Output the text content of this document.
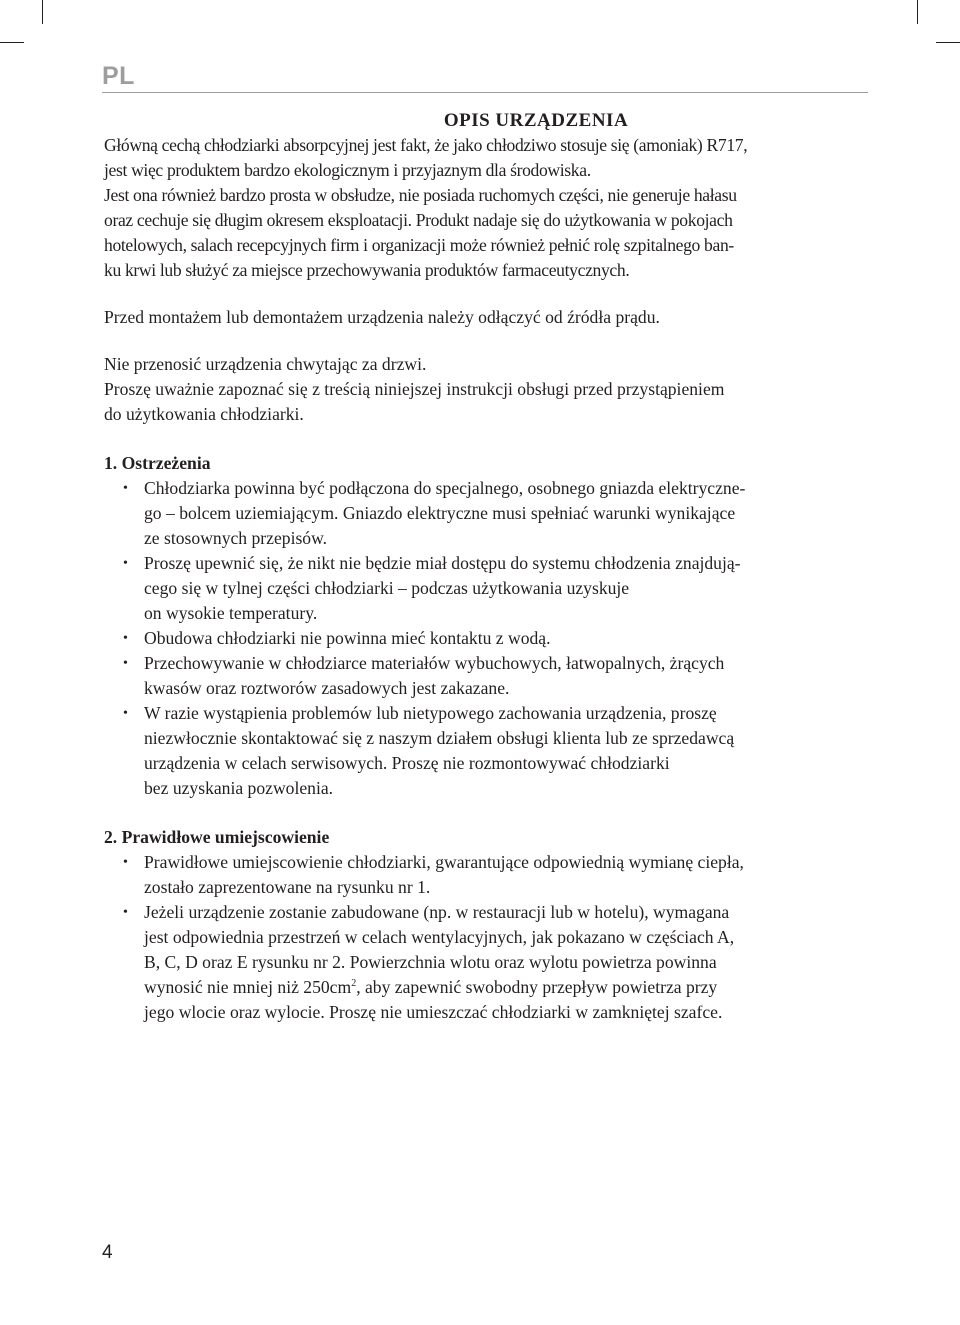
PL
OPIS URZĄDZENIA
Główną cechą chłodziarki absorpcyjnej jest fakt, że jako chłodziwo stosuje się (amoniak) R717,
jest więc produktem bardzo ekologicznym i przyjaznym dla środowiska.
Jest ona również bardzo prosta w obsłudze, nie posiada ruchomych części, nie generuje hałasu
oraz cechuje się długim okresem eksploatacji. Produkt nadaje się do użytkowania w pokojach
hotelowych, salach recepcyjnych firm i organizacji może również pełnić rolę szpitalnego ban-
ku krwi lub służyć za miejsce przechowywania produktów farmaceutycznych.
Przed montażem lub demontażem urządzenia należy odłączyć od źródła prądu.
Nie przenosić urządzenia chwytając za drzwi.
Proszę uważnie zapoznać się z treścią niniejszej instrukcji obsługi przed przystąpieniem
do użytkowania chłodziarki.
1. Ostrzeżenia
• Chłodziarka powinna być podłączona do specjalnego, osobnego gniazda elektryczne-
go – bolcem uziemiającym. Gniazdo elektryczne musi spełniać warunki wynikające
ze stosownych przepisów.
• Proszę upewnić się, że nikt nie będzie miał dostępu do systemu chłodzenia znajdują-
cego się w tylnej części chłodziarki – podczas użytkowania uzyskuje
on wysokie temperatury.
• Obudowa chłodziarki nie powinna mieć kontaktu z wodą.
• Przechowywanie w chłodziarce materiałów wybuchowych, łatwopalnych, żrących
kwasów oraz roztworów zasadowych jest zakazane.
• W razie wystąpienia problemów lub nietypowego zachowania urządzenia, proszę
niezwłocznie skontaktować się z naszym działem obsługi klienta lub ze sprzedawcą
urządzenia w celach serwisowych. Proszę nie rozmontowywać chłodziarki
bez uzyskania pozwolenia.
2. Prawidłowe umiejscowienie
• Prawidłowe umiejscowienie chłodziarki, gwarantujące odpowiednią wymianę ciepła,
zostało zaprezentowane na rysunku nr 1.
• Jeżeli urządzenie zostanie zabudowane (np. w restauracji lub w hotelu), wymagana
jest odpowiednia przestrzeń w celach wentylacyjnych, jak pokazano w częściach A,
B, C, D oraz E rysunku nr 2. Powierzchnia wlotu oraz wylotu powietrza powinna
wynosić nie mniej niż $250cm^2$, aby zapewnić swobodny przepływ powietrza przy
jego wlocie oraz wylocie. Proszę nie umieszczać chłodziarki w zamkniętej szafce.
4
